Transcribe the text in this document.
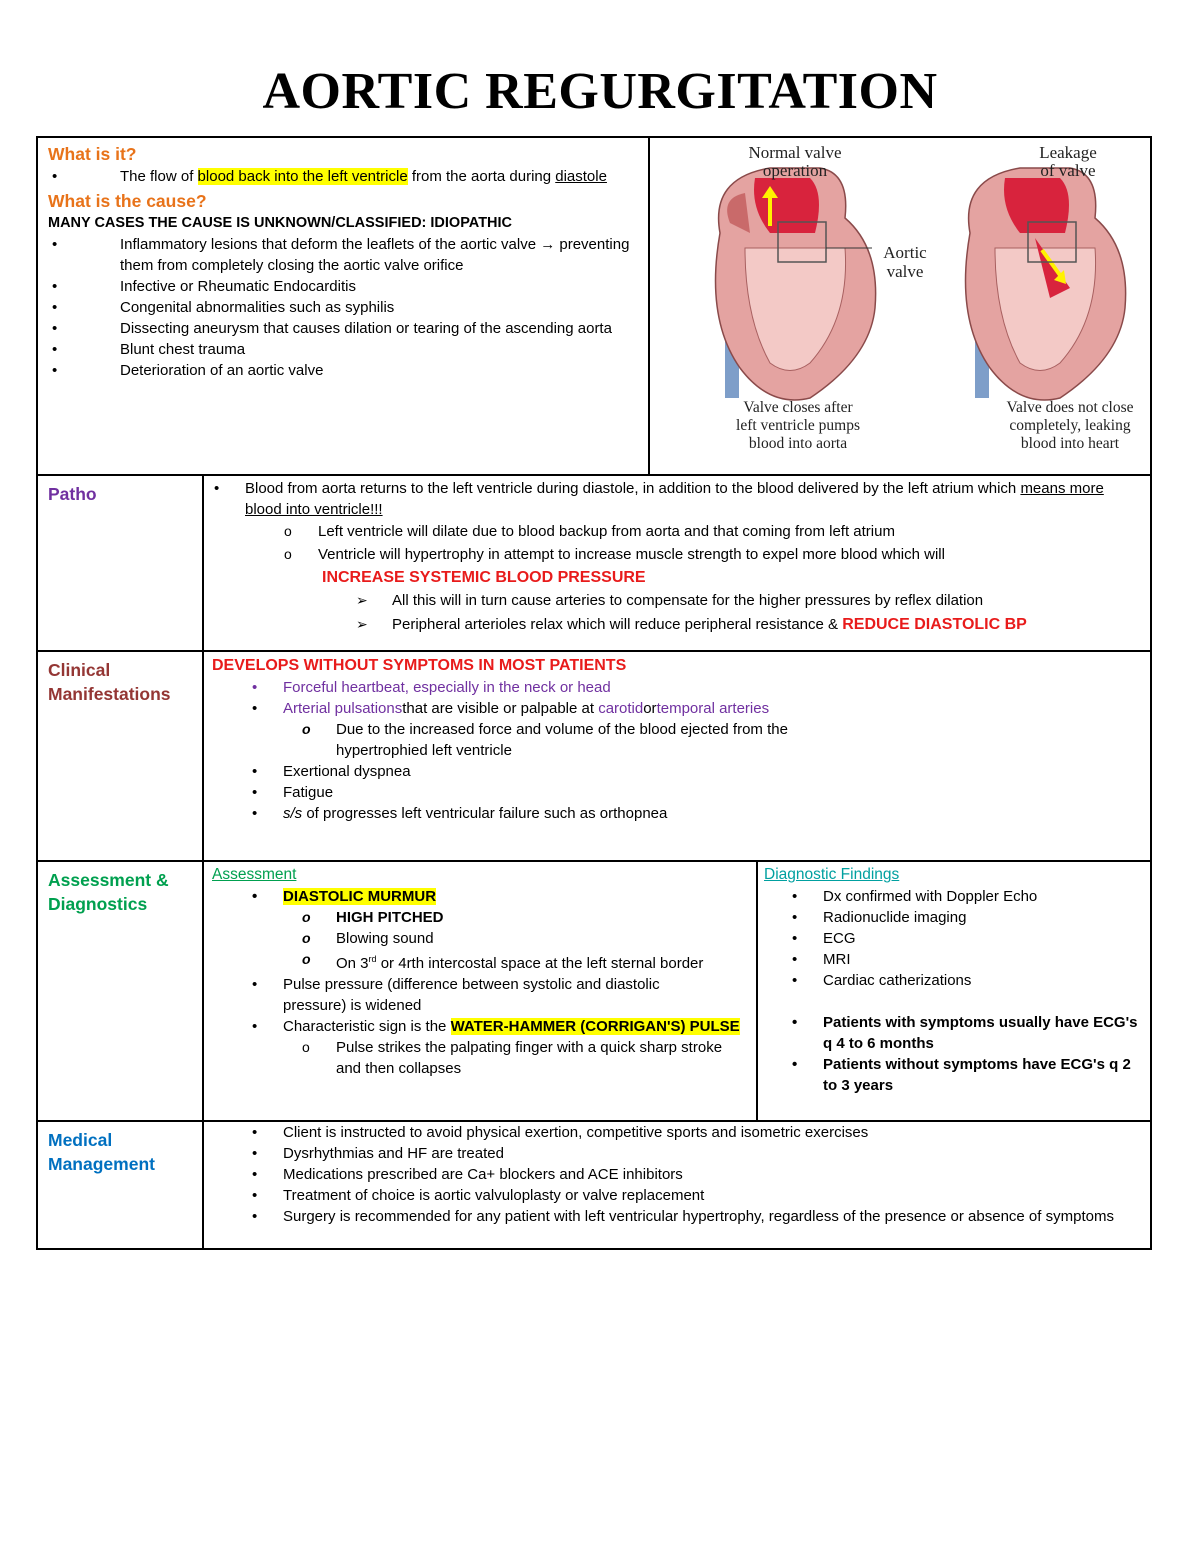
AORTIC REGURGITATION
What is it?
• The flow of blood back into the left ventricle from the aorta during diastole
What is the cause?
MANY CASES THE CAUSE IS UNKNOWN/CLASSIFIED: IDIOPATHIC
• Inflammatory lesions that deform the leaflets of the aortic valve → preventing them from completely closing the aortic valve orifice
• Infective or Rheumatic Endocarditis
• Congenital abnormalities such as syphilis
• Dissecting aneurysm that causes dilation or tearing of the ascending aorta
• Blunt chest trauma
• Deterioration of an aortic valve
Normal valve
operation
Leakage
of valve
Aortic
valve
Valve closes after
left ventricle pumps
blood into aorta
Valve does not close
completely, leaking
blood into heart
Patho
•	Blood from aorta returns to the left ventricle during diastole, in addition to the blood delivered by the left atrium which means more blood into ventricle!!!
o Left ventricle will dilate due to blood backup from aorta and that coming from left atrium
o Ventricle will hypertrophy in attempt to increase muscle strength to expel more blood which will
INCREASE SYSTEMIC BLOOD PRESSURE
➢ All this will in turn cause arteries to compensate for the higher pressures by reflex dilation
➢ Peripheral arterioles relax which will reduce peripheral resistance & REDUCE DIASTOLIC BP
Clinical Manifestations
DEVELOPS WITHOUT SYMPTOMS IN MOST PATIENTS
• Forceful heartbeat, especially in the neck or head
• Arterial pulsationsthat are visible or palpable at carotidortemporal arteries
o Due to the increased force and volume of the blood ejected from the hypertrophied left ventricle
• Exertional dyspnea
• Fatigue
• s/s of progresses left ventricular failure such as orthopnea
Assessment & Diagnostics
Assessment
• DIASTOLIC MURMUR
o HIGH PITCHED
o Blowing sound
o On 3rd or 4rth intercostal space at the left sternal border
• Pulse pressure (difference between systolic and diastolic pressure) is widened
• Characteristic sign is the WATER-HAMMER (CORRIGAN'S) PULSE
o Pulse strikes the palpating finger with a quick sharp stroke and then collapses
Diagnostic Findings
• Dx confirmed with Doppler Echo
• Radionuclide imaging
• ECG
• MRI
• Cardiac catherizations
• Patients with symptoms usually have ECG's q 4 to 6 months
• Patients without symptoms have ECG's q 2 to 3 years
Medical Management
• Client is instructed to avoid physical exertion, competitive sports and isometric exercises
• Dysrhythmias and HF are treated
• Medications prescribed are Ca+ blockers and ACE inhibitors
• Treatment of choice is aortic valvuloplasty or valve replacement
• Surgery is recommended for any patient with left ventricular hypertrophy, regardless of the presence or absence of symptoms
